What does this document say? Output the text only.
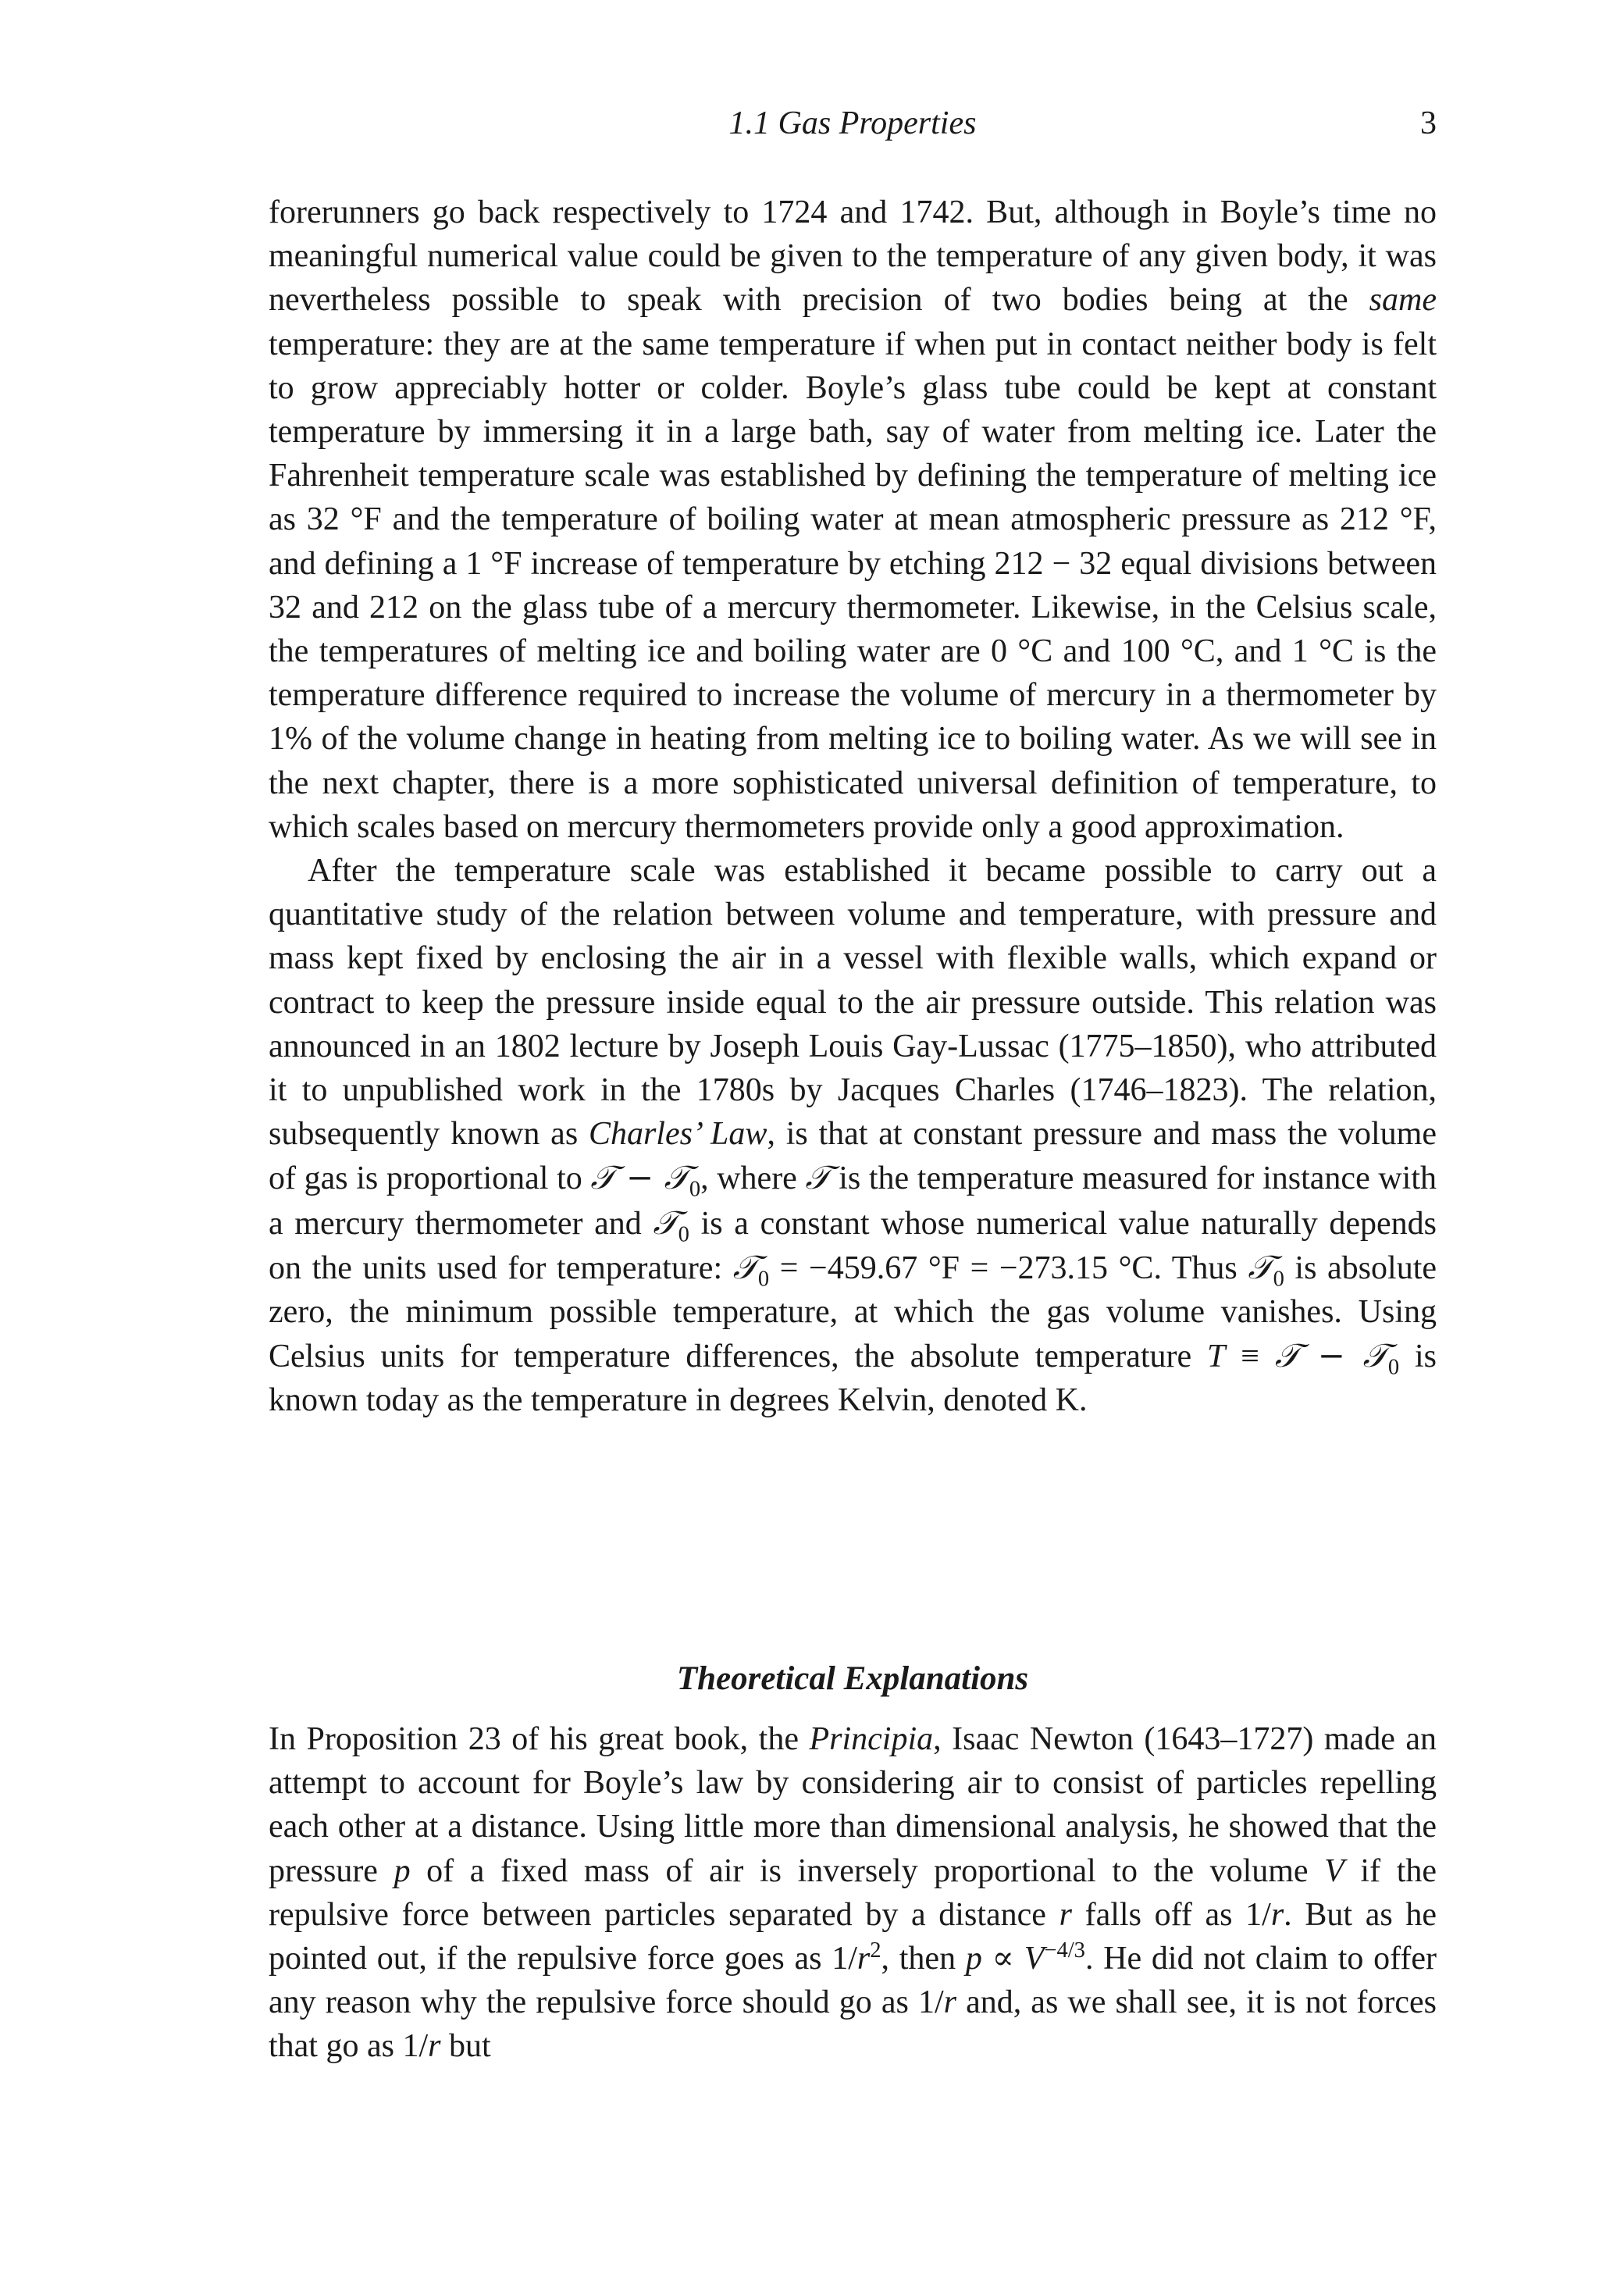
1.1 Gas Properties	3

forerunners go back respectively to 1724 and 1742. But, although in Boyle’s time no meaningful numerical value could be given to the temperature of any given body, it was nevertheless possible to speak with precision of two bodies being at the same temperature: they are at the same temperature if when put in contact neither body is felt to grow appreciably hotter or colder. Boyle’s glass tube could be kept at constant temperature by immersing it in a large bath, say of water from melting ice. Later the Fahrenheit temperature scale was established by defining the temperature of melting ice as 32 °F and the temperature of boiling water at mean atmospheric pressure as 212 °F, and defining a 1 °F increase of temperature by etching 212 − 32 equal divisions between 32 and 212 on the glass tube of a mercury thermometer. Likewise, in the Celsius scale, the temperatures of melting ice and boiling water are 0 °C and 100 °C, and 1 °C is the temperature difference required to increase the volume of mercury in a thermometer by 1% of the volume change in heating from melting ice to boiling water. As we will see in the next chapter, there is a more sophisticated universal definition of temperature, to which scales based on mercury thermometers provide only a good approximation.

After the temperature scale was established it became possible to carry out a quantitative study of the relation between volume and temperature, with pressure and mass kept fixed by enclosing the air in a vessel with flexible walls, which expand or contract to keep the pressure inside equal to the air pressure outside. This relation was announced in an 1802 lecture by Joseph Louis Gay-Lussac (1775–1850), who attributed it to unpublished work in the 1780s by Jacques Charles (1746–1823). The relation, subsequently known as Charles’ Law, is that at constant pressure and mass the volume of gas is proportional to 𝒯 − 𝒯$_0$, where 𝒯 is the temperature measured for instance with a mercury thermometer and 𝒯$_0$ is a constant whose numerical value naturally depends on the units used for temperature: 𝒯$_0$ = −459.67 °F = −273.15 °C. Thus 𝒯$_0$ is absolute zero, the minimum possible temperature, at which the gas volume vanishes. Using Celsius units for temperature differences, the absolute temperature T ≡ 𝒯 − 𝒯$_0$ is known today as the temperature in degrees Kelvin, denoted K.

Theoretical Explanations

In Proposition 23 of his great book, the Principia, Isaac Newton (1643–1727) made an attempt to account for Boyle’s law by considering air to consist of particles repelling each other at a distance. Using little more than dimensional analysis, he showed that the pressure p of a fixed mass of air is inversely proportional to the volume V if the repulsive force between particles separated by a distance r falls off as 1/r. But as he pointed out, if the repulsive force goes as $1/r^2$, then $p \propto V^{-4/3}$. He did not claim to offer any reason why the repulsive force should go as 1/r and, as we shall see, it is not forces that go as 1/r but
